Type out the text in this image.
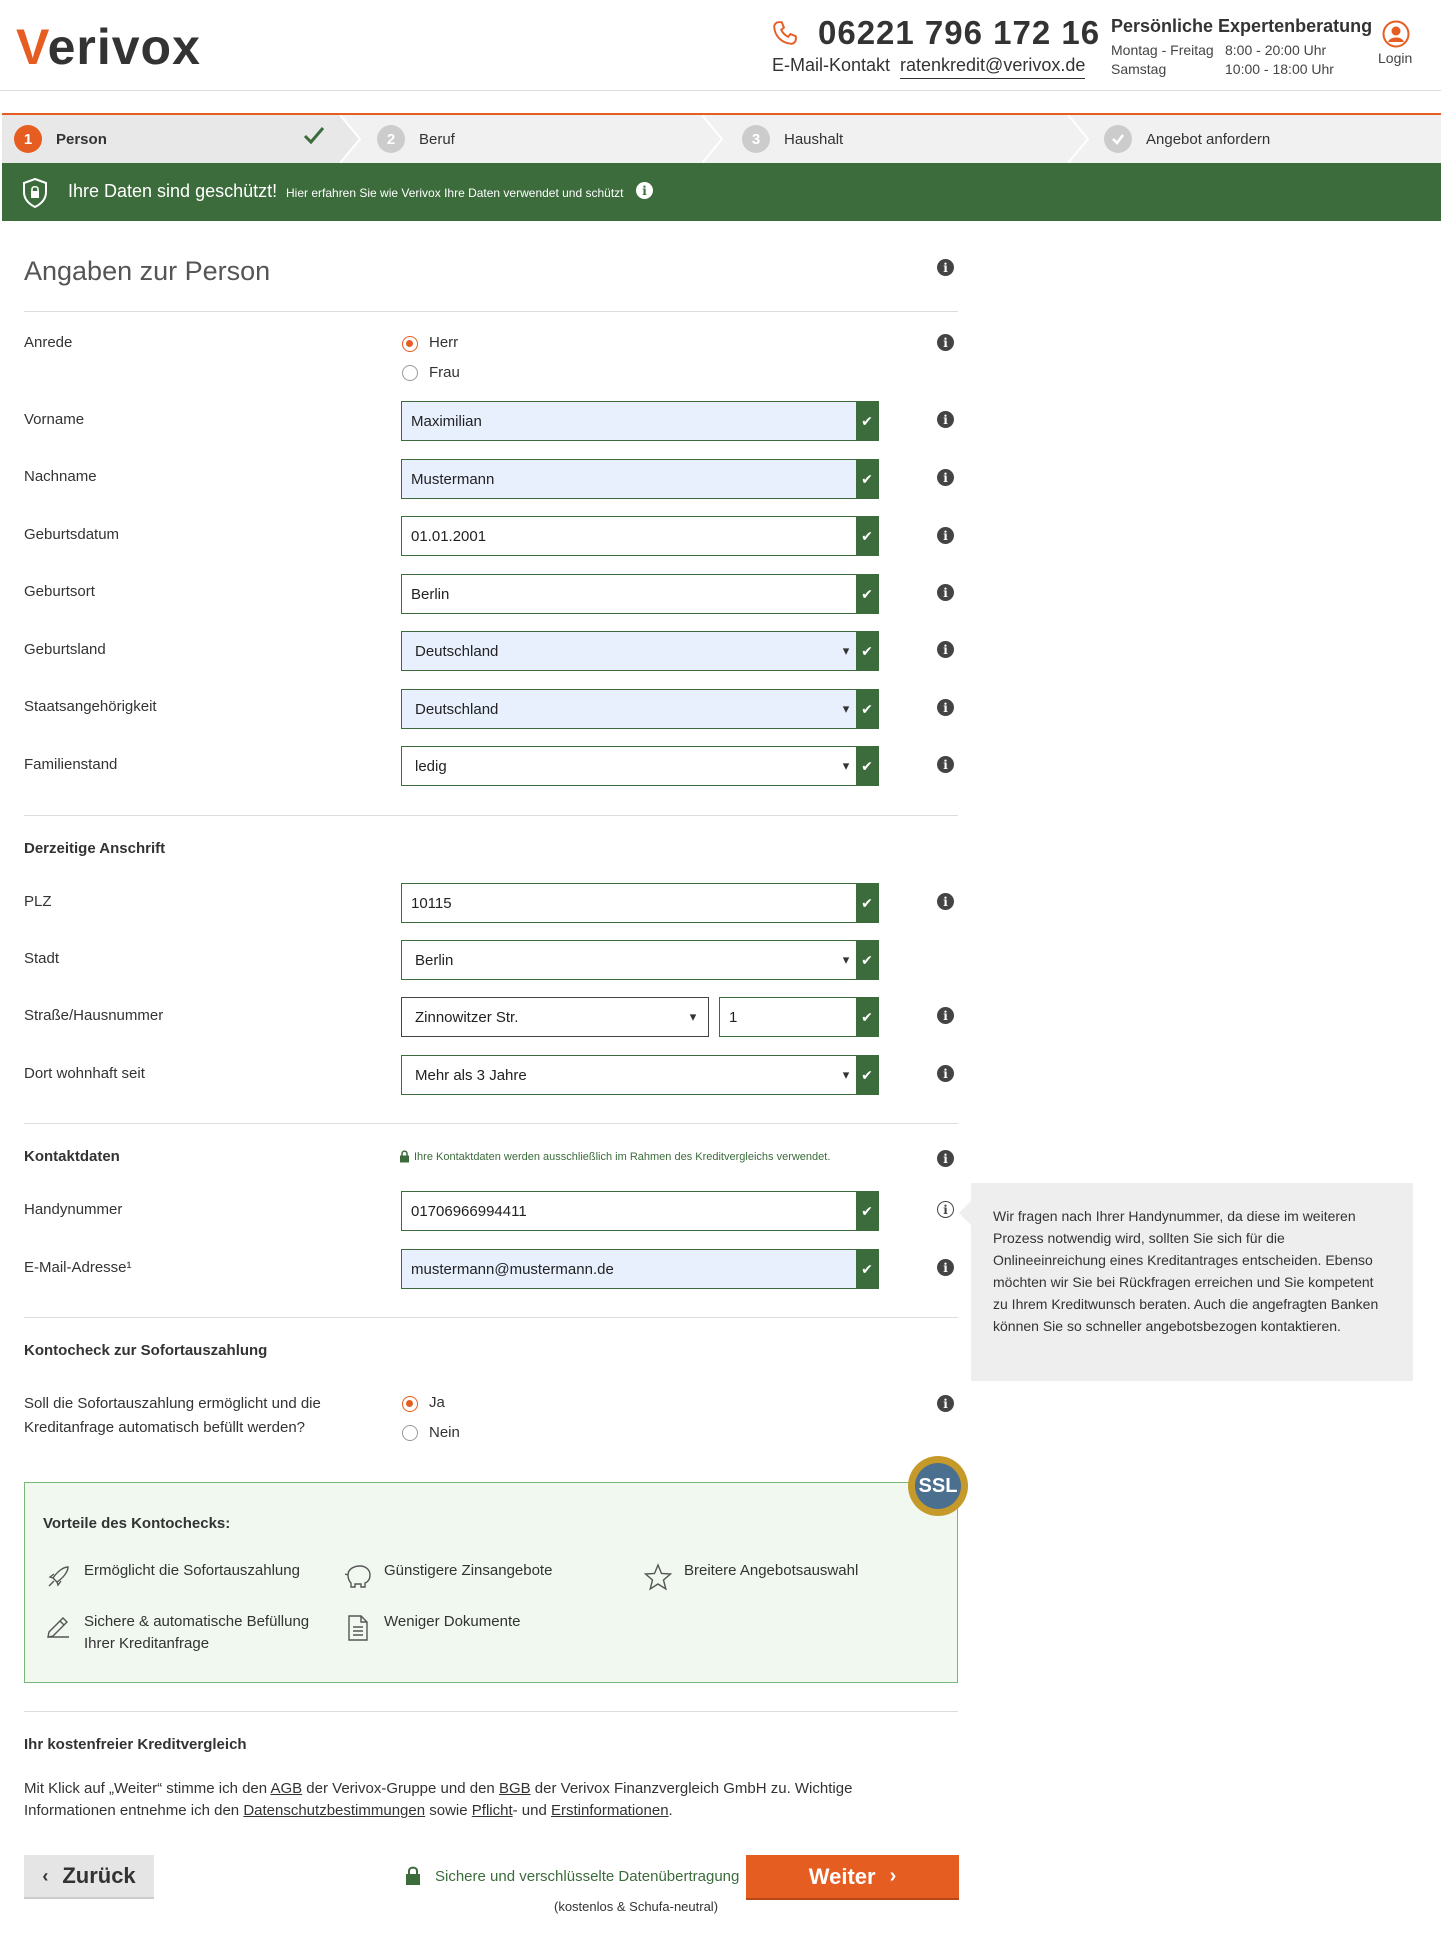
Verivox	06221 796 172 16
E-Mail-Kontakt ratenkredit@verivox.de
Persönliche Expertenberatung
Montag - Freitag 8:00 - 20:00 Uhr
Samstag	10:00 - 18:00 Uhr
Login
1	Person	2	Beruf	3	Haushalt	Angebot anfordern
Ihre Daten sind geschützt! Hier erfahren Sie wie Verivox Ihre Daten verwendet und schützt	i
Angaben zur Person	i
Anrede	Herr
Frau
i
Vorname	Maximilian	✔	i
Nachname	Mustermann	✔	i
Geburtsdatum	01.01.2001	✔	i
Geburtsort	Berlin	✔	i
Geburtsland	Deutschland	▾ ✔	i
Staatsangehörigkeit	Deutschland	▾ ✔	i
Familienstand	ledig	▾ ✔	i
Derzeitige Anschrift
PLZ	10115	✔	i
Stadt	Berlin	▾ ✔
Straße/Hausnummer	Zinnowitzer Str.	▾	1	✔	i
Dort wohnhaft seit	Mehr als 3 Jahre	▾ ✔	i
Kontaktdaten	Ihre Kontaktdaten werden ausschließlich im Rahmen des Kreditvergleichs verwendet.	i
Handynummer	01706966994411	✔	i
E-Mail-Adresse¹	mustermann@mustermann.de	✔	i
Wir fragen nach Ihrer Handynummer, da diese im weiteren Prozess notwendig wird, sollten Sie sich für die Onlineeinreichung eines Kreditantrages entscheiden. Ebenso möchten wir Sie bei Rückfragen erreichen und Sie kompetent zu Ihrem Kreditwunsch beraten. Auch die angefragten Banken können Sie so schneller angebotsbezogen kontaktieren.
Kontocheck zur Sofortauszahlung
Soll die Sofortauszahlung ermöglicht und die
Kreditanfrage automatisch befüllt werden?
Ja
Nein
i
Vorteile des Kontochecks:
Ermöglicht die Sofortauszahlung	Günstigere Zinsangebote	Breitere Angebotsauswahl
Sichere & automatische Befüllung
Ihrer Kreditanfrage
Weniger Dokumente
SSL
Ihr kostenfreier Kreditvergleich
Mit Klick auf „Weiter“ stimme ich den AGB der Verivox-Gruppe und den BGB der Verivox Finanzvergleich GmbH zu. Wichtige Informationen entnehme ich den Datenschutzbestimmungen sowie Pflicht- und Erstinformationen.
‹ Zurück	Sichere und verschlüsselte Datenübertragung
(kostenlos & Schufa-neutral)
Weiter ›
